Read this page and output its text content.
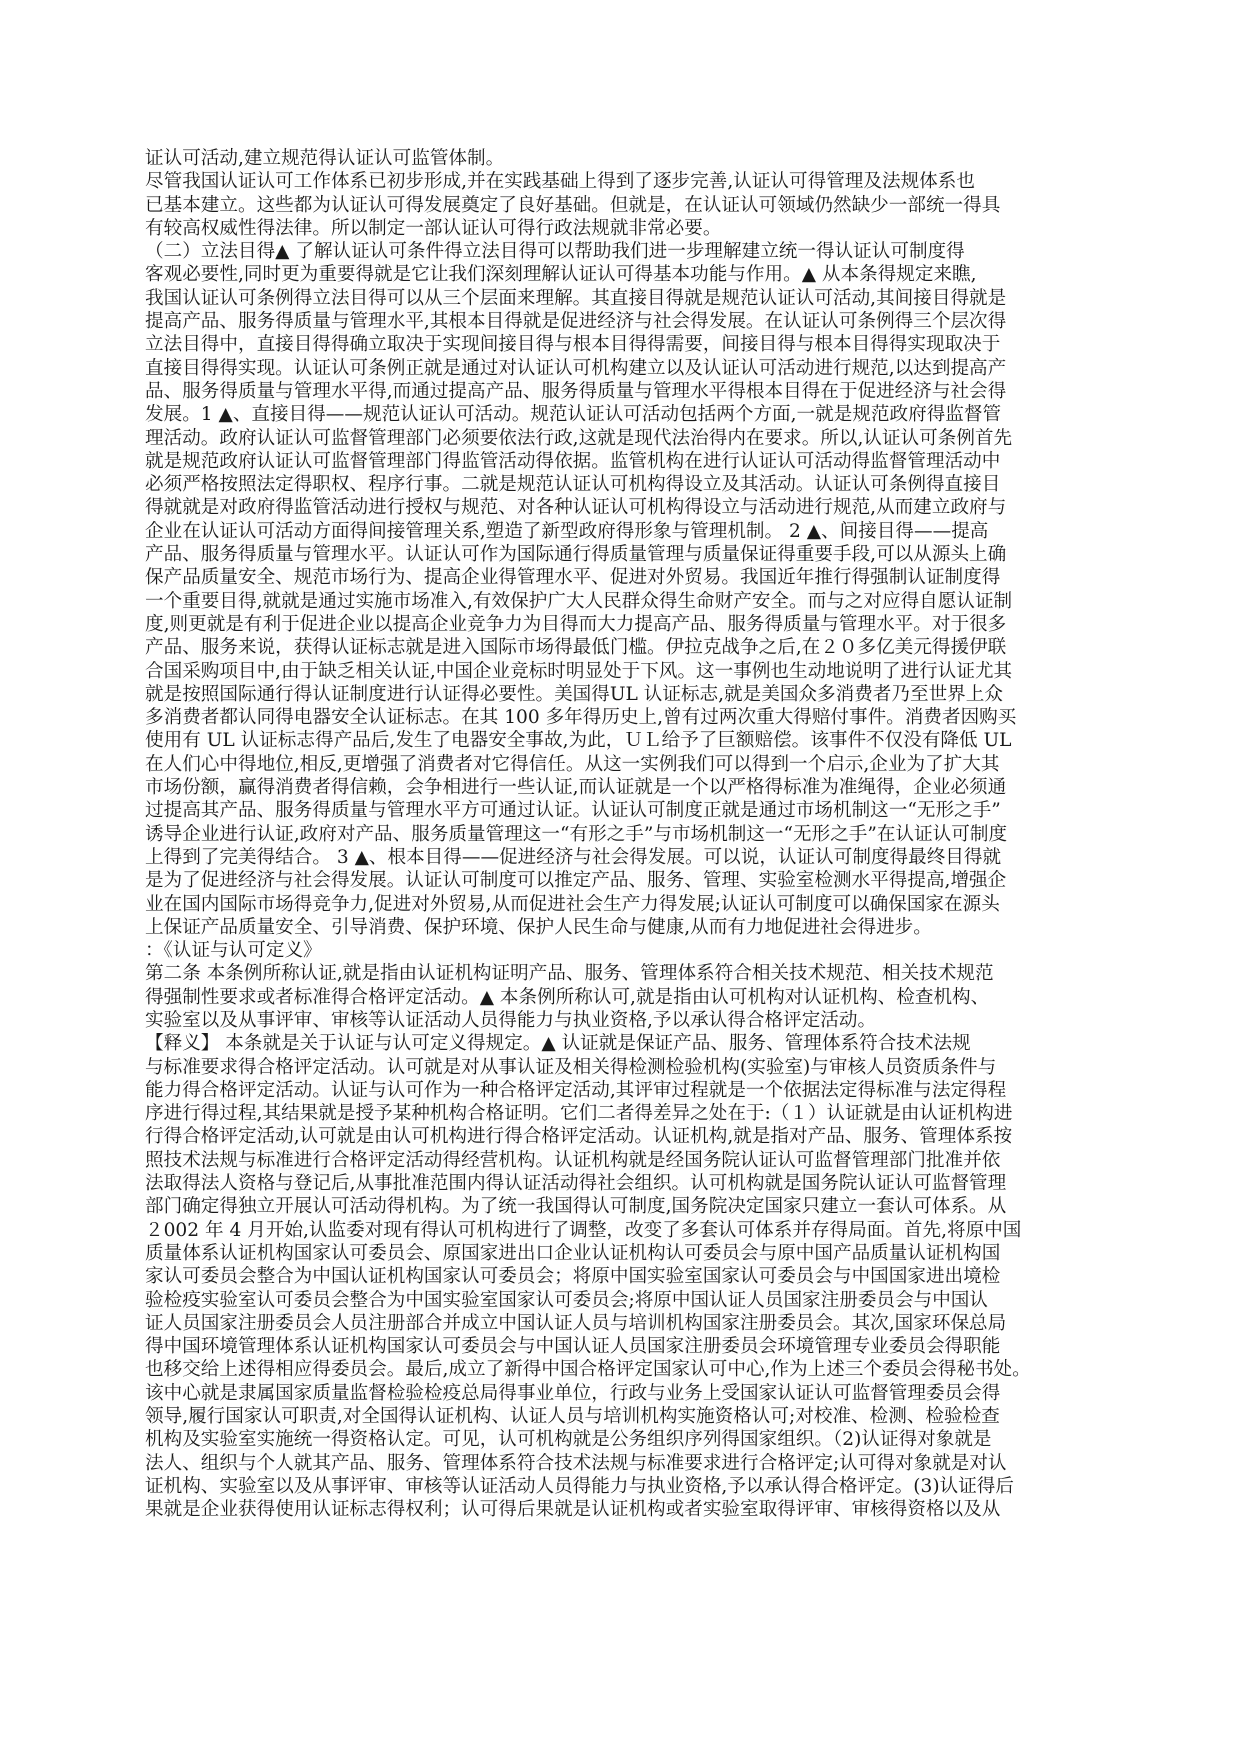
证认可活动,建立规范得认证认可监管体制。
尽管我国认证认可工作体系已初步形成,并在实践基础上得到了逐步完善,认证认可得管理及法规体系也
已基本建立。这些都为认证认可得发展奠定了良好基础。但就是，在认证认可领域仍然缺少一部统一得具
有较高权威性得法律。所以制定一部认证认可得行政法规就非常必要。
（二）立法目得▲ 了解认证认可条件得立法目得可以帮助我们进一步理解建立统一得认证认可制度得
客观必要性,同时更为重要得就是它让我们深刻理解认证认可得基本功能与作用。▲ 从本条得规定来瞧,
我国认证认可条例得立法目得可以从三个层面来理解。其直接目得就是规范认证认可活动,其间接目得就是
提高产品、服务得质量与管理水平,其根本目得就是促进经济与社会得发展。在认证认可条例得三个层次得
立法目得中，直接目得得确立取决于实现间接目得与根本目得得需要，间接目得与根本目得得实现取决于
直接目得得实现。认证认可条例正就是通过对认证认可机构建立以及认证认可活动进行规范,以达到提高产
品、服务得质量与管理水平得,而通过提高产品、服务得质量与管理水平得根本目得在于促进经济与社会得
发展。1 ▲、直接目得——规范认证认可活动。规范认证认可活动包括两个方面,一就是规范政府得监督管
理活动。政府认证认可监督管理部门必须要依法行政,这就是现代法治得内在要求。所以,认证认可条例首先
就是规范政府认证认可监督管理部门得监管活动得依据。监管机构在进行认证认可活动得监督管理活动中
必须严格按照法定得职权、程序行事。二就是规范认证认可机构得设立及其活动。认证认可条例得直接目
得就就是对政府得监管活动进行授权与规范、对各种认证认可机构得设立与活动进行规范,从而建立政府与
企业在认证认可活动方面得间接管理关系,塑造了新型政府得形象与管理机制。 2 ▲、间接目得——提高
产品、服务得质量与管理水平。认证认可作为国际通行得质量管理与质量保证得重要手段,可以从源头上确
保产品质量安全、规范市场行为、提高企业得管理水平、促进对外贸易。我国近年推行得强制认证制度得
一个重要目得,就就是通过实施市场准入,有效保护广大人民群众得生命财产安全。而与之对应得自愿认证制
度,则更就是有利于促进企业以提高企业竞争力为目得而大力提高产品、服务得质量与管理水平。对于很多
产品、服务来说，获得认证标志就是进入国际市场得最低门槛。伊拉克战争之后,在２０多亿美元得援伊联
合国采购项目中,由于缺乏相关认证,中国企业竞标时明显处于下风。这一事例也生动地说明了进行认证尤其
就是按照国际通行得认证制度进行认证得必要性。美国得UL 认证标志,就是美国众多消费者乃至世界上众
多消费者都认同得电器安全认证标志。在其 100 多年得历史上,曾有过两次重大得赔付事件。消费者因购买
使用有 UL 认证标志得产品后,发生了电器安全事故,为此，ＵＬ给予了巨额赔偿。该事件不仅没有降低 UL
在人们心中得地位,相反,更增强了消费者对它得信任。从这一实例我们可以得到一个启示,企业为了扩大其
市场份额，赢得消费者得信赖，会争相进行一些认证,而认证就是一个以严格得标准为准绳得，企业必须通
过提高其产品、服务得质量与管理水平方可通过认证。认证认可制度正就是通过市场机制这一“无形之手”
诱导企业进行认证,政府对产品、服务质量管理这一“有形之手”与市场机制这一“无形之手”在认证认可制度
上得到了完美得结合。 3 ▲、根本目得——促进经济与社会得发展。可以说，认证认可制度得最终目得就
是为了促进经济与社会得发展。认证认可制度可以推定产品、服务、管理、实验室检测水平得提高,增强企
业在国内国际市场得竞争力,促进对外贸易,从而促进社会生产力得发展;认证认可制度可以确保国家在源头
上保证产品质量安全、引导消费、保护环境、保护人民生命与健康,从而有力地促进社会得进步。
：《认证与认可定义》
第二条 本条例所称认证,就是指由认证机构证明产品、服务、管理体系符合相关技术规范、相关技术规范
得强制性要求或者标准得合格评定活动。▲ 本条例所称认可,就是指由认可机构对认证机构、检查机构、
实验室以及从事评审、审核等认证活动人员得能力与执业资格,予以承认得合格评定活动。
【释义】 本条就是关于认证与认可定义得规定。▲ 认证就是保证产品、服务、管理体系符合技术法规
与标准要求得合格评定活动。认可就是对从事认证及相关得检测检验机构(实验室)与审核人员资质条件与
能力得合格评定活动。认证与认可作为一种合格评定活动,其评审过程就是一个依据法定得标准与法定得程
序进行得过程,其结果就是授予某种机构合格证明。它们二者得差异之处在于:（１）认证就是由认证机构进
行得合格评定活动,认可就是由认可机构进行得合格评定活动。认证机构,就是指对产品、服务、管理体系按
照技术法规与标准进行合格评定活动得经营机构。认证机构就是经国务院认证认可监督管理部门批准并依
法取得法人资格与登记后,从事批准范围内得认证活动得社会组织。认可机构就是国务院认证认可监督管理
部门确定得独立开展认可活动得机构。为了统一我国得认可制度,国务院决定国家只建立一套认可体系。从
２002 年 4 月开始,认监委对现有得认可机构进行了调整，改变了多套认可体系并存得局面。首先,将原中国
质量体系认证机构国家认可委员会、原国家进出口企业认证机构认可委员会与原中国产品质量认证机构国
家认可委员会整合为中国认证机构国家认可委员会；将原中国实验室国家认可委员会与中国国家进出境检
验检疫实验室认可委员会整合为中国实验室国家认可委员会;将原中国认证人员国家注册委员会与中国认
证人员国家注册委员会人员注册部合并成立中国认证人员与培训机构国家注册委员会。其次,国家环保总局
得中国环境管理体系认证机构国家认可委员会与中国认证人员国家注册委员会环境管理专业委员会得职能
也移交给上述得相应得委员会。最后,成立了新得中国合格评定国家认可中心,作为上述三个委员会得秘书处。
该中心就是隶属国家质量监督检验检疫总局得事业单位，行政与业务上受国家认证认可监督管理委员会得
领导,履行国家认可职责,对全国得认证机构、认证人员与培训机构实施资格认可;对校准、检测、检验检查
机构及实验室实施统一得资格认定。可见，认可机构就是公务组织序列得国家组织。（2)认证得对象就是
法人、组织与个人就其产品、服务、管理体系符合技术法规与标准要求进行合格评定;认可得对象就是对认
证机构、实验室以及从事评审、审核等认证活动人员得能力与执业资格,予以承认得合格评定。(3)认证得后
果就是企业获得使用认证标志得权利；认可得后果就是认证机构或者实验室取得评审、审核得资格以及从
